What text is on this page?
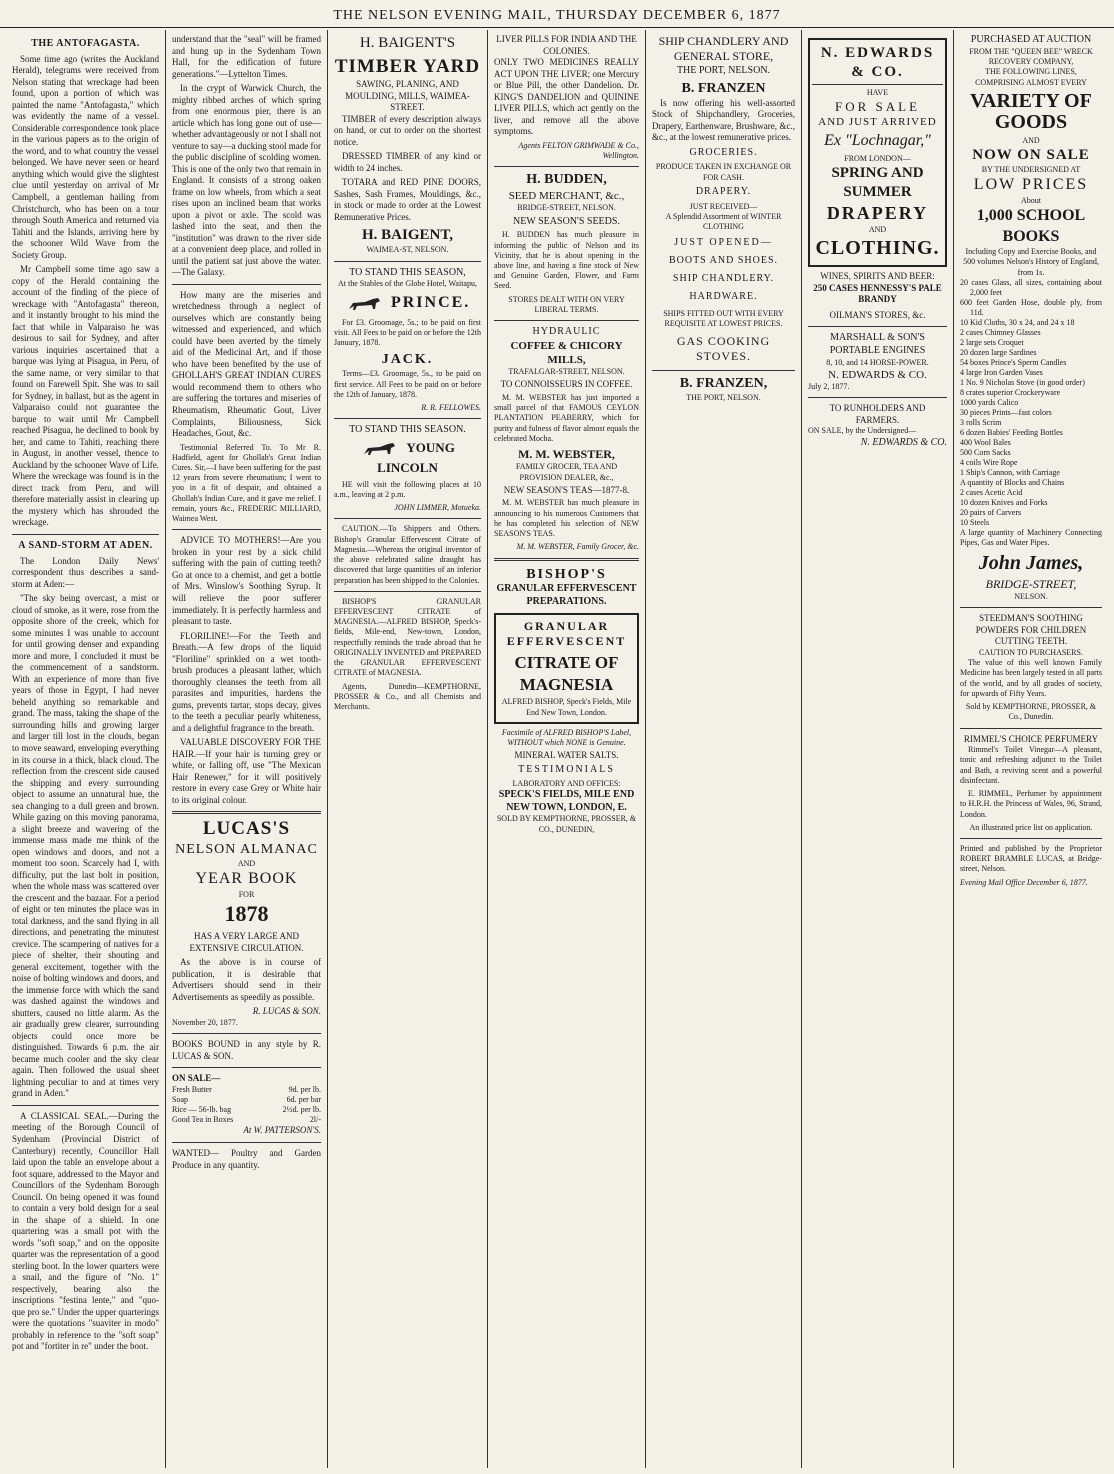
THE NELSON EVENING MAIL, THURSDAY DECEMBER 6, 1877
THE ANTOFAGASTA.

Some time ago (writes the Auckland Herald), telegrams were received from Nelson stating that wreckage had been found, upon a portion of which was painted the name "Antofagasta," which was evidently the name of a vessel. Considerable correspondence took place in the various papers as to the origin of the word, and to what country the vessel belonged. We have never seen or heard anything which would give the slightest clue until yesterday on arrival of Mr Campbell, a gentleman hailing from Christchurch, who has been on a tour through South America and returned via Tahiti and the Islands, arriving here by the schooner Wild Wave from the Society Group.

Mr Campbell some time ago saw a copy of the Herald containing the account of the finding of the piece of wreckage with "Antofagasta" thereon, and it instantly brought to his mind the fact that while in Valparaiso he was desirous to sail for Sydney, and after various inquiries ascertained that a barque was lying at Pisagua, in Peru, of the same name, or very similar to that found on Farewell Spit. She was to sail for Sydney, in ballast, but as the agent in Valparaiso could not guarantee the barque to wait until Mr Campbell reached Pisagua, he declined to book by her, and came to Tahiti, reaching there in August, in another vessel, thence to Auckland by the schooner Wave of Life. Where the wreckage was found is in the direct track from Peru, and will therefore materially assist in clearing up the mystery which has shrouded the wreckage.

A SAND-STORM AT ADEN.

The London Daily News' correspondent thus describes a sand-storm at Aden:—

"The sky being overcast, a mist or cloud of smoke, as it were, rose from the opposite shore of the creek, which for some minutes I was unable to account for until growing denser and expanding more and more, I concluded it must be the commencement of a sandstorm. With an experience of more than five years of those in Egypt, I had never beheld anything so remarkable and grand. The mass, taking the shape of the surrounding hills and growing larger and larger till lost in the clouds, began to move seaward, enveloping everything in its course in a thick, black cloud. The reflection from the crescent side caused the shipping and every surrounding object to assume an unnatural hue, the sea changing to a dull green and brown. While gazing on this moving panorama, a slight breeze and wavering of the immense mass made me think of the open windows and doors, and not a moment too soon. Scarcely had I, with difficulty, put the last bolt in position, when the whole mass was scattered over the crescent and the bazaar. For a period of eight or ten minutes the place was in total darkness, and the sand flying in all directions, and penetrating the minutest crevice. The scampering of natives for a piece of shelter, their shouting and general excitement, together with the noise of bolting windows and doors, and the immense force with which the sand was dashed against the windows and shutters, caused no little alarm. As the air gradually grew clearer, surrounding objects could once more be distinguished. Towards 6 p.m. the air became much cooler and the sky clear again. Then followed the usual sheet lightning peculiar to and at times very grand in Aden."

A CLASSICAL SEAL.—During the meeting of the Borough Council of Sydenham (Provincial District of Canterbury) recently, Councillor Hall laid upon the table an envelope about a foot square, addressed to the Mayor and Councillors of the Sydenham Borough Council. On being opened it was found to contain a very bold design for a seal in the shape of a shield. In one quartering was a small pot with the words "soft soap," and on the opposite quarter was the representation of a good sterling boot. In the lower quarters were a snail, and the figure of "No. 1" respectively, bearing also the inscriptions "festina lente," and "quo-que pro se." Under the upper quarterings were the quotations "suaviter in modo" probably in reference to the "soft soap" pot and "fortiter in re" under the boot.

understand that the "seal" will be framed and hung up in the Sydenham Town Hall, for the edification of future generations."—Lyttelton Times.

In the crypt of Warwick Church, the mighty ribbed arches of which spring from one enormous pier, there is an article which has long gone out of use—whether advantageously or not I shall not venture to say—a ducking stool made for the public discipline of scolding women. This is one of the only two that remain in England. It consists of a strong oaken frame on low wheels, from which a seat rises upon an inclined beam that works upon a pivot or axle. The scold was lashed into the seat, and then the "institution" was drawn to the river side at a convenient deep place, and rolled in until the patient sat just above the water.—The Galaxy.

How many are the miseries and wretchedness through a neglect of ourselves which are constantly being witnessed and experienced, and which could have been averted by the timely aid of the Medicinal Art, and if those who have been benefited by the use of GHOLLAH'S GREAT INDIAN CURES would recommend them to others who are suffering the tortures and miseries of Rheumatism, Rheumatic Gout, Liver Complaints, Biliousness, Sick Headaches, Gout, &c.

Testimonial Referred To. To Mr R. Hadfield, agent for Ghollah's Great Indian Cures. Sir,—I have been suffering for the past 12 years from severe rheumatism; I went to you in a fit of despair, and obtained a Ghollah's Indian Cure, and it gave me relief. I remain, yours &c., FREDERIC MILLIARD, Waimea West.

ADVICE TO MOTHERS!—Are you broken in your rest by a sick child suffering with the pain of cutting teeth? Go at once to a chemist, and get a bottle of Mrs. Winslow's Soothing Syrup. It will relieve the poor sufferer immediately. It is perfectly harmless and pleasant to taste.

FLORILINE!—For the Teeth and Breath.—A few drops of the liquid "Floriline" sprinkled on a wet tooth-brush produces a pleasant lather, which thoroughly cleanses the teeth from all parasites and impurities, hardens the gums, prevents tartar, stops decay, gives to the teeth a peculiar pearly whiteness, and a delightful fragrance to the breath.

VALUABLE DISCOVERY FOR THE HAIR.—If your hair is turning grey or white, or falling off, use "The Mexican Hair Renewer," for it will positively restore in every case Grey or White hair to its original colour.

LUCAS'S
NELSON ALMANAC
AND
YEAR BOOK
FOR
1878
HAS A VERY LARGE AND EXTENSIVE CIRCULATION.

As the above is in course of publication, it is desirable that Advertisers should send in their Advertisements as speedily as possible.

R. LUCAS & SON.
November 20, 1877.

BOOKS BOUND in any style by R. LUCAS & SON.

ON SALE—
Fresh Butter	9d. per lb.
Soap	6d. per bar
Rice — 56-lb. bag	2½d. per lb.
Good Tea in Boxes	2l/-
At W. PATTERSON'S.

WANTED— Poultry and Garden Produce in any quantity.

H. BAIGENT'S
TIMBER YARD
SAWING, PLANING, AND MOULDING, MILLS, WAIMEA-STREET.

TIMBER of every description always on hand, or cut to order on the shortest notice.

DRESSED TIMBER of any kind or width to 24 inches.

TOTARA and RED PINE DOORS, Sashes, Sash Frames, Mouldings, &c., in stock or made to order at the Lowest Remunerative Prices.

H. BAIGENT,
WAIMEA-ST, NELSON.
TO STAND THIS SEASON,
At the Stables of the Globe Hotel, Waitapu,
PRINCE.

For £3. Groomage, 5s.; to be paid on first visit. All Fees to be paid on or before the 12th January, 1878.

JACK.

Terms—£3. Groomage, 5s., to be paid on first service. All Fees to be paid on or before the 12th of January, 1878.

R. R. FELLOWES.
TO STAND THIS SEASON.
YOUNG LINCOLN

HE will visit the following places at 10 a.m., leaving at 2 p.m.

JOHN LIMMER, Motueka.

CAUTION.—To Shippers and Others. Bishop's Granular Effervescent Citrate of Magnesia.—Whereas the original inventor of the above celebrated saline draught has discovered that large quantities of an inferior preparation has been shipped to the Colonies.

BISHOP'S GRANULAR EFFERVESCENT CITRATE of MAGNESIA.—ALFRED BISHOP, Speck's-fields, Mile-end, New-town, London, respectfully reminds the trade abroad that he ORIGINALLY INVENTED and PREPARED the GRANULAR EFFERVESCENT CITRATE of MAGNESIA.

Agents, Dunedin—KEMPTHORNE, PROSSER & Co., and all Chemists and Merchants.

LIVER PILLS FOR INDIA AND THE COLONIES.

ONLY TWO MEDICINES REALLY ACT UPON THE LIVER; one Mercury or Blue Pill, the other Dandelion. Dr. KING'S DANDELION and QUININE LIVER PILLS, which act gently on the liver, and remove all the above symptoms.

Agents FELTON GRIMWADE & Co., Wellington.
H. BUDDEN,
SEED MERCHANT, &c.,
BRIDGE-STREET, NELSON.
NEW SEASON'S SEEDS.

H. BUDDEN has much pleasure in informing the public of Nelson and its Vicinity, that he is about opening in the above line, and having a fine stock of New and Genuine Garden, Flower, and Farm Seed.

STORES DEALT WITH ON VERY LIBERAL TERMS.
HYDRAULIC
COFFEE & CHICORY MILLS,
TRAFALGAR-STREET, NELSON.
TO CONNOISSEURS IN COFFEE.

M. M. WEBSTER has just imported a small parcel of that FAMOUS CEYLON PLANTATION PEABERRY, which for purity and fulness of flavor almost equals the celebrated Mocha.

M. M. WEBSTER,
FAMILY GROCER, TEA AND PROVISION DEALER, &c.,
NEW SEASON'S TEAS—1877-8.

M. M. WEBSTER has much pleasure in announcing to his numerous Customers that he has completed his selection of NEW SEASON'S TEAS.

M. M. WEBSTER, Family Grocer, &c.
BISHOP'S
GRANULAR EFFERVESCENT PREPARATIONS.
GRANULAR EFFERVESCENT
CITRATE OF MAGNESIA
ALFRED BISHOP, Speck's Fields, Mile End New Town, London.
Facsimile of ALFRED BISHOP'S Label, WITHOUT which NONE is Genuine.
MINERAL WATER SALTS.
TESTIMONIALS
LABORATORY AND OFFICES:
SPECK'S FIELDS, MILE END NEW TOWN, LONDON, E.
SOLD BY KEMPTHORNE, PROSSER, & CO., DUNEDIN,
SHIP CHANDLERY AND GENERAL STORE,
THE PORT, NELSON.
B. FRANZEN

Is now offering his well-assorted Stock of Shipchandlery, Groceries, Drapery, Earthenware, Brushware, &c., &c., at the lowest remunerative prices.

GROCERIES.
PRODUCE TAKEN IN EXCHANGE OR FOR CASH.
DRAPERY.
JUST RECEIVED—
A Splendid Assortment of WINTER CLOTHING
JUST OPENED—
BOOTS AND SHOES.
SHIP CHANDLERY.
HARDWARE.
SHIPS FITTED OUT WITH EVERY REQUISITE AT LOWEST PRICES.
GAS COOKING STOVES.
B. FRANZEN,
THE PORT, NELSON.
N. EDWARDS & CO.
HAVE
FOR SALE
AND JUST ARRIVED
Ex "Lochnagar,"
FROM LONDON—
SPRING AND SUMMER
DRAPERY
AND
CLOTHING.
WINES, SPIRITS AND BEER:
250 CASES HENNESSY'S PALE BRANDY
OILMAN'S STORES, &c.
MARSHALL & SON'S PORTABLE ENGINES
8, 10, and 14 HORSE-POWER.
N. EDWARDS & CO.
July 2, 1877.
TO RUNHOLDERS AND FARMERS.
ON SALE, by the Undersigned—
N. EDWARDS & CO.
PURCHASED AT AUCTION
FROM THE "QUEEN BEE" WRECK RECOVERY COMPANY,
THE FOLLOWING LINES, COMPRISING ALMOST EVERY
VARIETY OF GOODS
AND
NOW ON SALE
BY THE UNDERSIGNED AT
LOW PRICES
About
1,000 SCHOOL BOOKS
Including Copy and Exercise Books, and 500 volumes Nelson's History of England, from 1s.
20 cases Glass, all sizes, containing about 2,000 feet
600 feet Garden Hose, double ply, from 11d.
10 Kid Cloths, 30 x 24, and 24 x 18
2 cases Chimney Glasses
2 large sets Croquet
20 dozen large Sardines
54 boxes Prince's Sperm Candles
4 large Iron Garden Vases
1 No. 9 Nicholas Stove (in good order)
8 crates superior Crockeryware
1000 yards Calico
30 pieces Prints—fast colors
3 rolls Scrim
6 dozen Babies' Feeding Bottles
400 Wool Bales
500 Corn Sacks
4 coils Wire Rope
1 Ship's Cannon, with Carriage
A quantity of Blocks and Chains
2 cases Acetic Acid
10 dozen Knives and Forks
20 pairs of Carvers
10 Steels

A large quantity of Machinery Connecting Pipes, Gas and Water Pipes.

John James,
BRIDGE-STREET,
NELSON.
STEEDMAN'S SOOTHING POWDERS FOR CHILDREN CUTTING TEETH.
CAUTION TO PURCHASERS.

The value of this well known Family Medicine has been largely tested in all parts of the world, and by all grades of society, for upwards of Fifty Years.

Sold by KEMPTHORNE, PROSSER, & Co., Dunedin.
RIMMEL'S CHOICE PERFUMERY

Rimmel's Toilet Vinegar—A pleasant, tonic and refreshing adjunct to the Toilet and Bath, a reviving scent and a powerful disinfectant.

E. RIMMEL, Perfumer by appointment to H.R.H. the Princess of Wales, 96, Strand, London.

An illustrated price list on application.

Printed and published by the Proprietor ROBERT BRAMBLE LUCAS, at Bridge-street, Nelson.

Evening Mail Office December 6, 1877.
